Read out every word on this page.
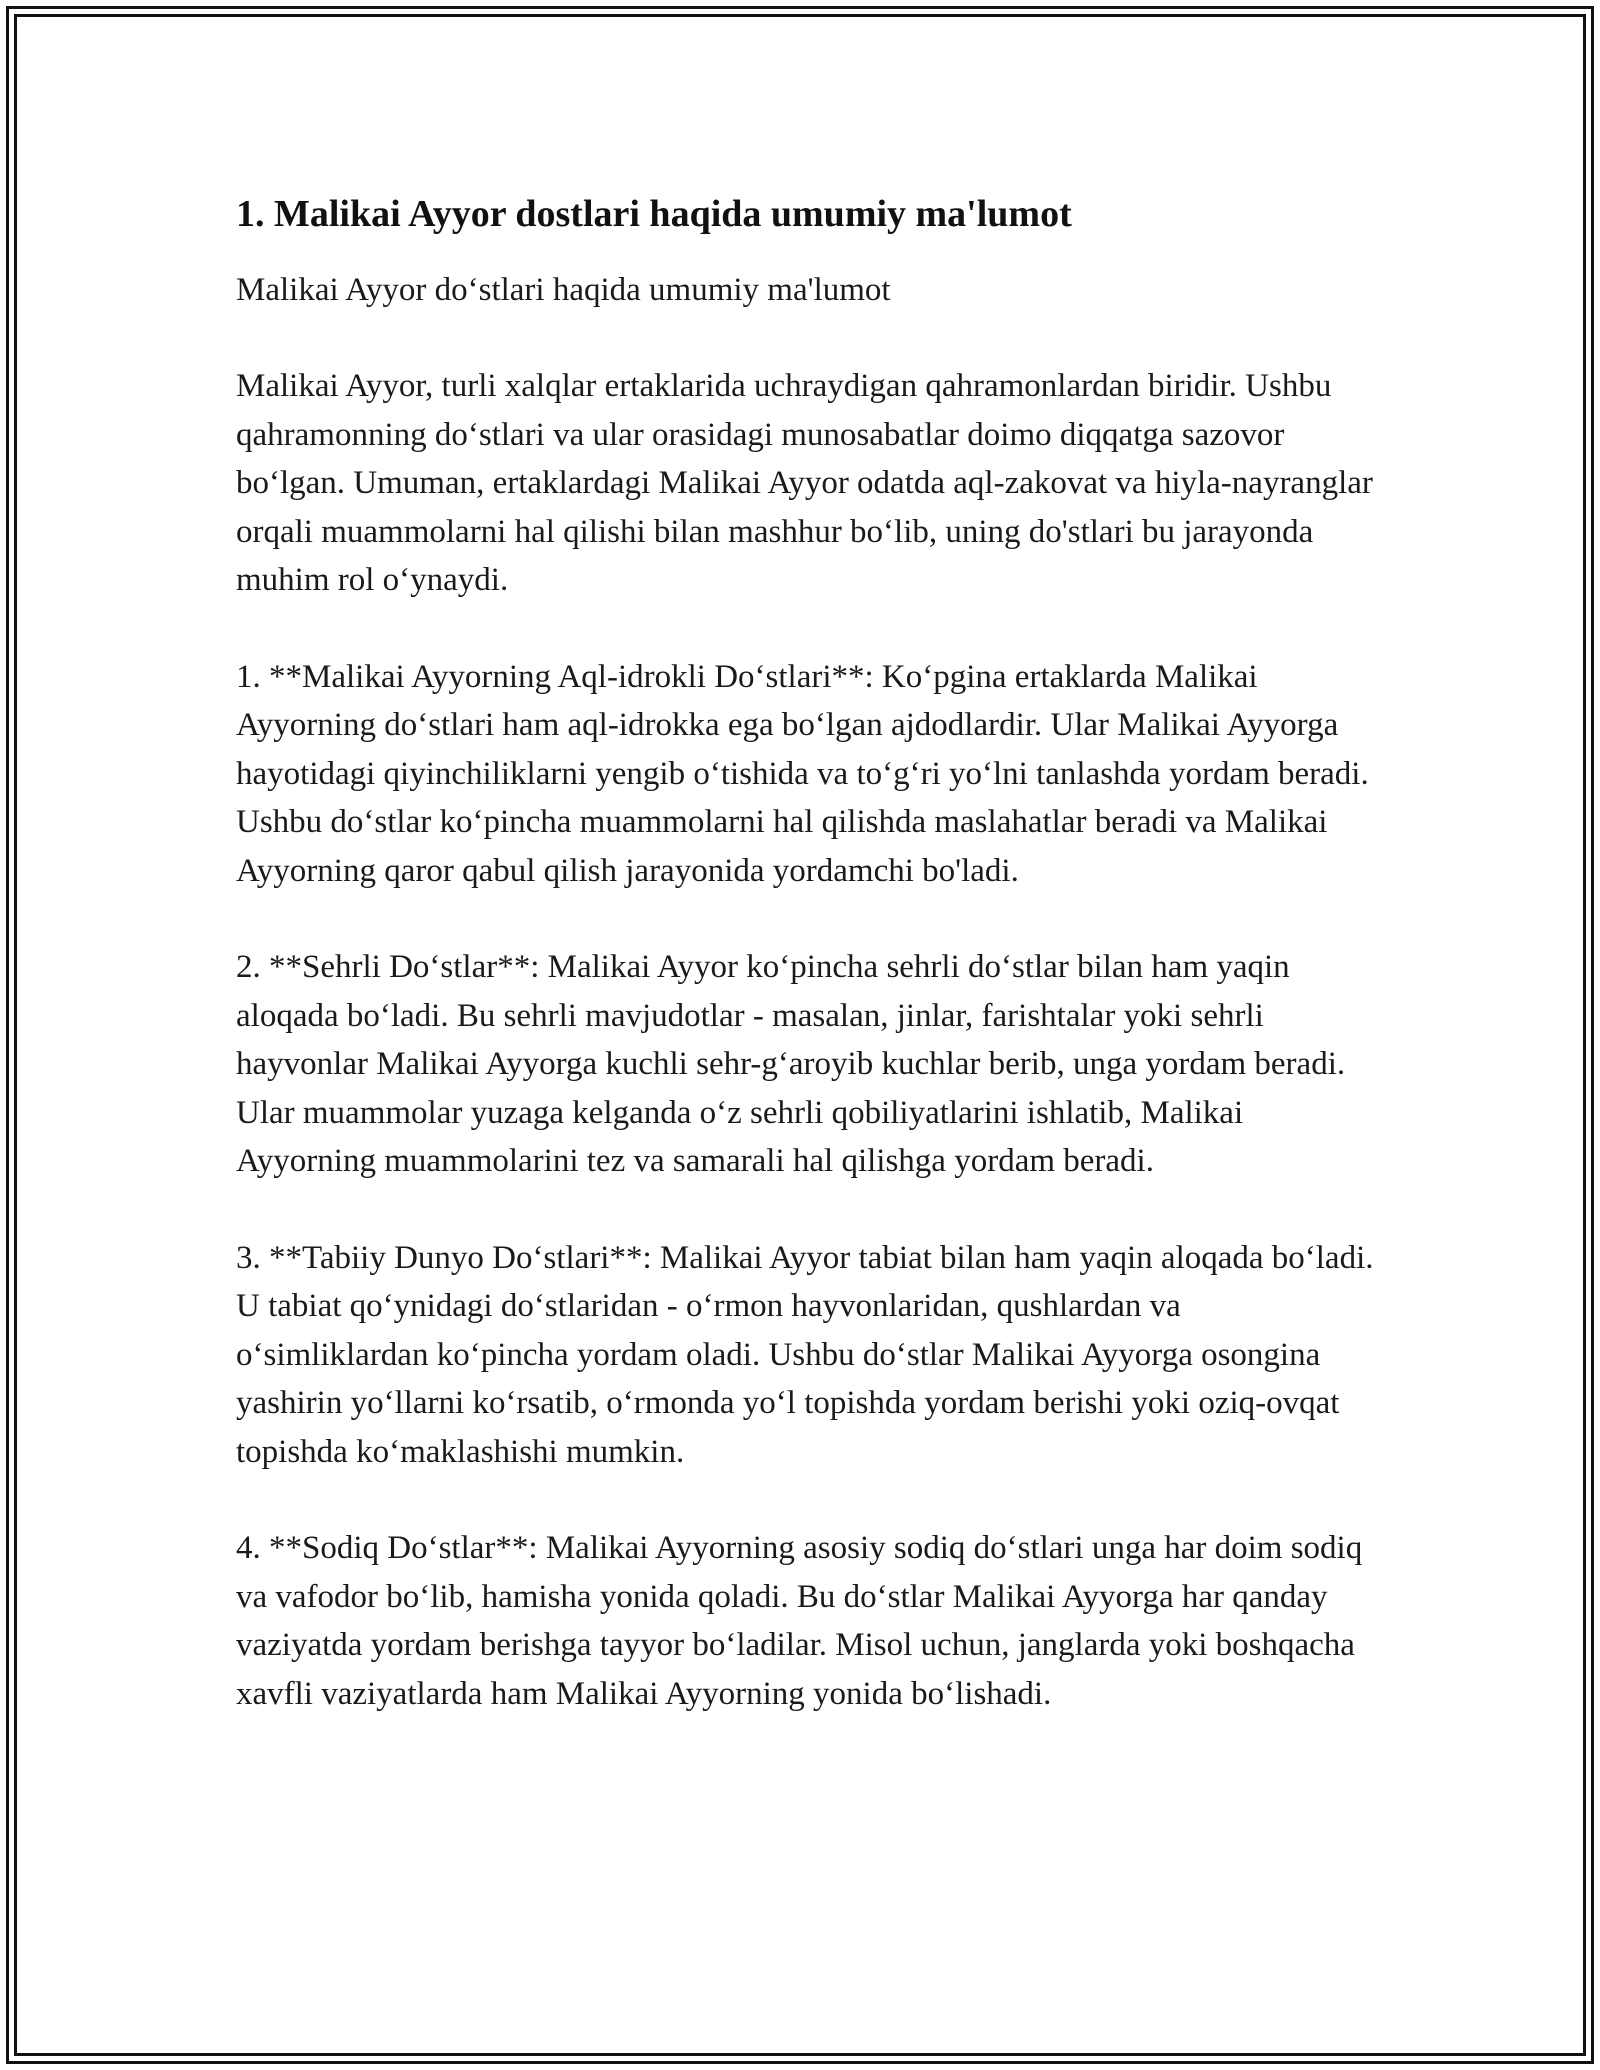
1. Malikai Ayyor dostlari haqida umumiy ma'lumot

Malikai Ayyor do‘stlari haqida umumiy ma'lumot

Malikai Ayyor, turli xalqlar ertaklarida uchraydigan qahramonlardan biridir. Ushbu qahramonning do‘stlari va ular orasidagi munosabatlar doimo diqqatga sazovor bo‘lgan. Umuman, ertaklardagi Malikai Ayyor odatda aql-zakovat va hiyla-nayranglar orqali muammolarni hal qilishi bilan mashhur bo‘lib, uning do'stlari bu jarayonda muhim rol o‘ynaydi.

1. **Malikai Ayyorning Aql-idrokli Do‘stlari**: Ko‘pgina ertaklarda Malikai Ayyorning do‘stlari ham aql-idrokka ega bo‘lgan ajdodlardir. Ular Malikai Ayyorga hayotidagi qiyinchiliklarni yengib o‘tishida va to‘g‘ri yo‘lni tanlashda yordam beradi. Ushbu do‘stlar ko‘pincha muammolarni hal qilishda maslahatlar beradi va Malikai Ayyorning qaror qabul qilish jarayonida yordamchi bo'ladi.

2. **Sehrli Do‘stlar**: Malikai Ayyor ko‘pincha sehrli do‘stlar bilan ham yaqin aloqada bo‘ladi. Bu sehrli mavjudotlar - masalan, jinlar, farishtalar yoki sehrli hayvonlar Malikai Ayyorga kuchli sehr-g‘aroyib kuchlar berib, unga yordam beradi. Ular muammolar yuzaga kelganda o‘z sehrli qobiliyatlarini ishlatib, Malikai Ayyorning muammolarini tez va samarali hal qilishga yordam beradi.

3. **Tabiiy Dunyo Do‘stlari**: Malikai Ayyor tabiat bilan ham yaqin aloqada bo‘ladi. U tabiat qo‘ynidagi do‘stlaridan - o‘rmon hayvonlaridan, qushlardan va o‘simliklardan ko‘pincha yordam oladi. Ushbu do‘stlar Malikai Ayyorga osongina yashirin yo‘llarni ko‘rsatib, o‘rmonda yo‘l topishda yordam berishi yoki oziq-ovqat topishda ko‘maklashishi mumkin.

4. **Sodiq Do‘stlar**: Malikai Ayyorning asosiy sodiq do‘stlari unga har doim sodiq va vafodor bo‘lib, hamisha yonida qoladi. Bu do‘stlar Malikai Ayyorga har qanday vaziyatda yordam berishga tayyor bo‘ladilar. Misol uchun, janglarda yoki boshqacha xavfli vaziyatlarda ham Malikai Ayyorning yonida bo‘lishadi.
